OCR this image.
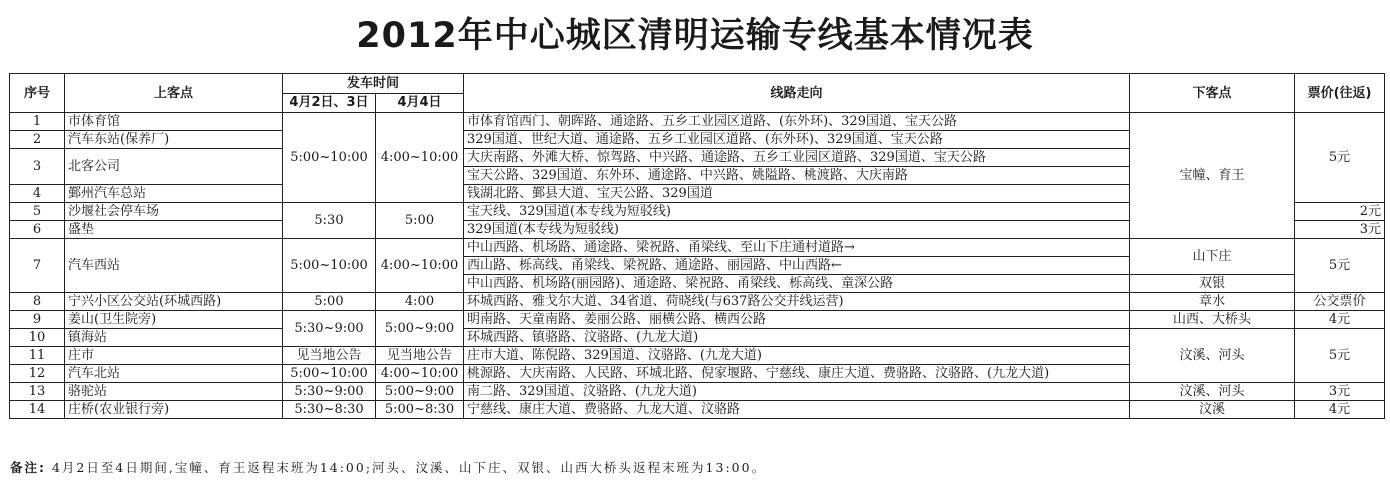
2012年中心城区清明运输专线基本情况表
序号	上客点	发车时间		线路走向	下客点	票价(往返)
		4月2日、3日	4月4日			
1	市体育馆	5:00~10:00	4:00~10:00	市体育馆西门、朝晖路、通途路、五乡工业园区道路、(东外环)、329国道、宝天公路	宝幢、育王	5元
2	汽车东站(保养厂)			329国道、世纪大道、通途路、五乡工业园区道路、(东外环)、329国道、宝天公路		
3	北客公司			大庆南路、外滩大桥、惊驾路、中兴路、通途路、五乡工业园区道路、329国道、宝天公路		
				宝天公路、329国道、东外环、通途路、中兴路、姚隘路、桃渡路、大庆南路		
4	鄞州汽车总站			钱湖北路、鄞县大道、宝天公路、329国道		
5	沙堰社会停车场	5:30	5:00	宝天线、329国道(本专线为短驳线)		2元
6	盛垫			329国道(本专线为短驳线)		3元
7	汽车西站	5:00~10:00	4:00~10:00	中山西路、机场路、通途路、梁祝路、甬梁线、至山下庄通村道路→	山下庄	5元
				西山路、栎高线、甬梁线、梁祝路、通途路、丽园路、中山西路←		
				中山西路、机场路(丽园路)、通途路、梁祝路、甬梁线、栎高线、童深公路	双银	
8	宁兴小区公交站(环城西路)	5:00	4:00	环城西路、雅戈尔大道、34省道、荷晓线(与637路公交并线运营)	章水	公交票价
9	姜山(卫生院旁)	5:30~9:00	5:00~9:00	明南路、天童南路、姜丽公路、丽横公路、横西公路	山西、大桥头	4元
10	镇海站			环城西路、镇骆路、汶骆路、(九龙大道)	汶溪、河头	5元
11	庄市	见当地公告	见当地公告	庄市大道、陈倪路、329国道、汶骆路、(九龙大道)		
12	汽车北站	5:00~10:00	4:00~10:00	桃源路、大庆南路、人民路、环城北路、倪家堰路、宁慈线、康庄大道、费骆路、汶骆路、(九龙大道)		
13	骆驼站	5:30~9:00	5:00~9:00	南二路、329国道、汶骆路、(九龙大道)	汶溪、河头	3元
14	庄桥(农业银行旁)	5:30~8:30	5:00~8:30	宁慈线、康庄大道、费骆路、九龙大道、汶骆路	汶溪	4元
备注: 4月2日至4日期间,宝幢、育王返程末班为14:00;河头、汶溪、山下庄、双银、山西大桥头返程末班为13:00。
